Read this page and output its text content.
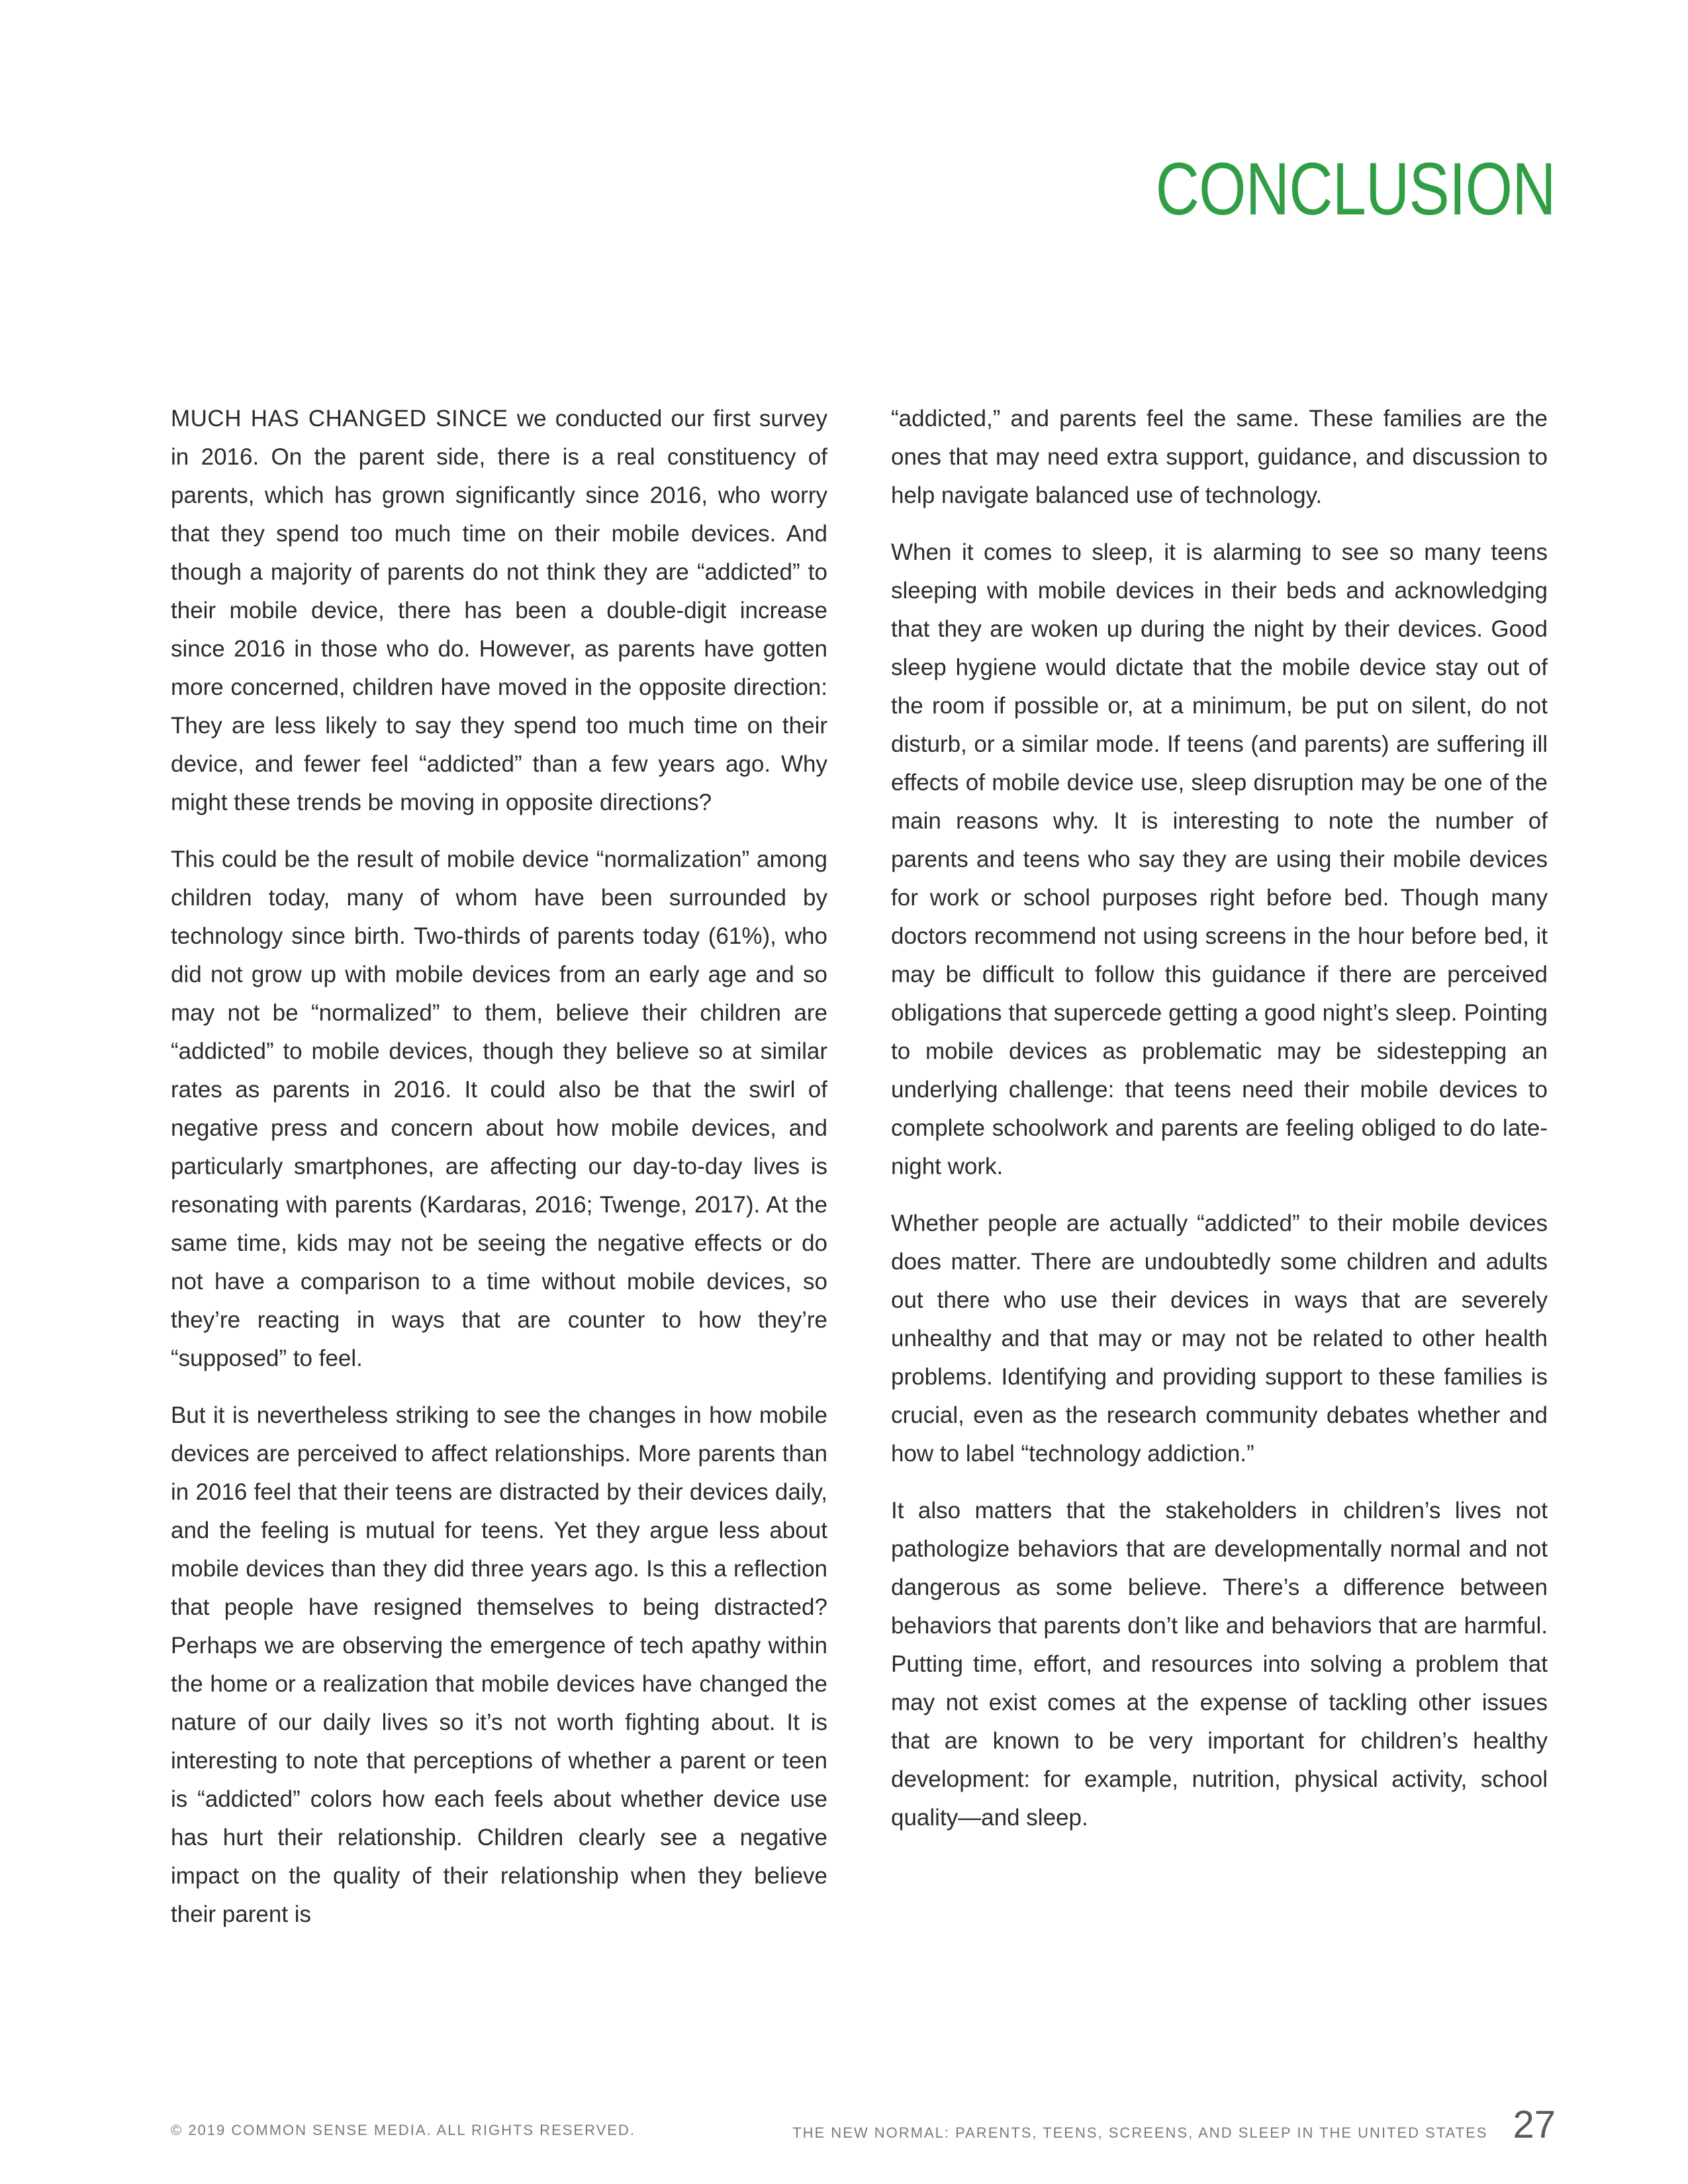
CONCLUSION

MUCH HAS CHANGED SINCE we conducted our first survey in 2016. On the parent side, there is a real constituency of parents, which has grown significantly since 2016, who worry that they spend too much time on their mobile devices. And though a majority of parents do not think they are “addicted” to their mobile device, there has been a double-digit increase since 2016 in those who do. However, as parents have gotten more concerned, children have moved in the opposite direction: They are less likely to say they spend too much time on their device, and fewer feel “addicted” than a few years ago. Why might these trends be moving in opposite directions?

This could be the result of mobile device “normalization” among children today, many of whom have been surrounded by technology since birth. Two-thirds of parents today (61%), who did not grow up with mobile devices from an early age and so may not be “normalized” to them, believe their children are “addicted” to mobile devices, though they believe so at similar rates as parents in 2016. It could also be that the swirl of negative press and concern about how mobile devices, and particularly smartphones, are affecting our day-to-day lives is resonating with parents (Kardaras, 2016; Twenge, 2017). At the same time, kids may not be seeing the negative effects or do not have a comparison to a time without mobile devices, so they’re reacting in ways that are counter to how they’re “supposed” to feel.

But it is nevertheless striking to see the changes in how mobile devices are perceived to affect relationships. More parents than in 2016 feel that their teens are distracted by their devices daily, and the feeling is mutual for teens. Yet they argue less about mobile devices than they did three years ago. Is this a reflection that people have resigned themselves to being distracted? Perhaps we are observing the emergence of tech apathy within the home or a realization that mobile devices have changed the nature of our daily lives so it’s not worth fighting about. It is interesting to note that perceptions of whether a parent or teen is “addicted” colors how each feels about whether device use has hurt their relationship. Children clearly see a negative impact on the quality of their relationship when they believe their parent is

“addicted,” and parents feel the same. These families are the ones that may need extra support, guidance, and discussion to help navigate balanced use of technology.

When it comes to sleep, it is alarming to see so many teens sleeping with mobile devices in their beds and acknowledging that they are woken up during the night by their devices. Good sleep hygiene would dictate that the mobile device stay out of the room if possible or, at a minimum, be put on silent, do not disturb, or a similar mode. If teens (and parents) are suffering ill effects of mobile device use, sleep disruption may be one of the main reasons why. It is interesting to note the number of parents and teens who say they are using their mobile devices for work or school purposes right before bed. Though many doctors recommend not using screens in the hour before bed, it may be difficult to follow this guidance if there are perceived obligations that supercede getting a good night’s sleep. Pointing to mobile devices as problematic may be sidestepping an underlying challenge: that teens need their mobile devices to complete schoolwork and parents are feeling obliged to do late-night work.

Whether people are actually “addicted” to their mobile devices does matter. There are undoubtedly some children and adults out there who use their devices in ways that are severely unhealthy and that may or may not be related to other health problems. Identifying and providing support to these families is crucial, even as the research community debates whether and how to label “technology addiction.”

It also matters that the stakeholders in children’s lives not pathologize behaviors that are developmentally normal and not dangerous as some believe. There’s a difference between behaviors that parents don’t like and behaviors that are harmful. Putting time, effort, and resources into solving a problem that may not exist comes at the expense of tackling other issues that are known to be very important for children’s healthy development: for example, nutrition, physical activity, school quality—and sleep.

© 2019 COMMON SENSE MEDIA. ALL RIGHTS RESERVED.	THE NEW NORMAL: PARENTS, TEENS, SCREENS, AND SLEEP IN THE UNITED STATES 27
